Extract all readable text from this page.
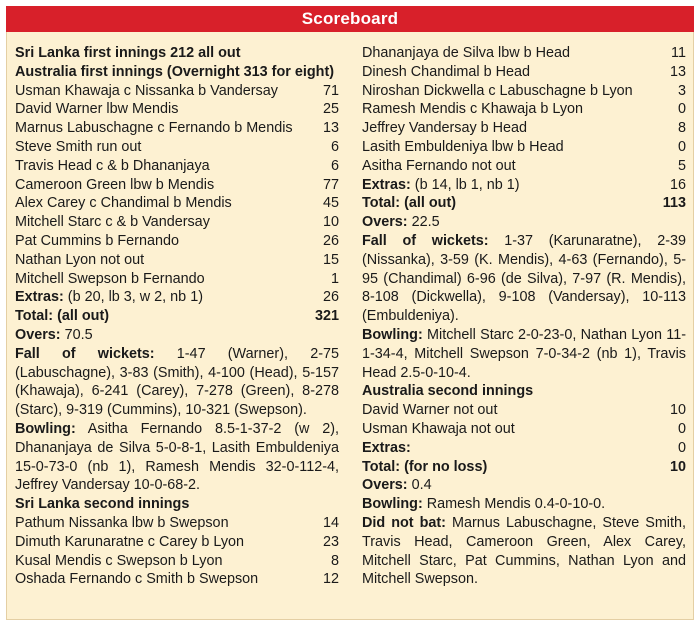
Scoreboard
Sri Lanka first innings 212 all out
Australia first innings (Overnight 313 for eight)
Usman Khawaja c Nissanka b Vandersay	71
David Warner lbw Mendis	25
Marnus Labuschagne c Fernando b Mendis	13
Steve Smith run out	6
Travis Head c & b Dhananjaya	6
Cameroon Green lbw b Mendis	77
Alex Carey c Chandimal b Mendis	45
Mitchell Starc c & b Vandersay	10
Pat Cummins b Fernando	26
Nathan Lyon not out	15
Mitchell Swepson b Fernando	1
Extras: (b 20, lb 3, w 2, nb 1)	26
Total: (all out)	321
Overs: 70.5
Fall of wickets: 1-47 (Warner), 2-75 (Labuschagne), 3-83 (Smith), 4-100 (Head), 5-157 (Khawaja), 6-241 (Carey), 7-278 (Green), 8-278 (Starc), 9-319 (Cummins), 10-321 (Swepson).
Bowling: Asitha Fernando 8.5-1-37-2 (w 2), Dhananjaya de Silva 5-0-8-1, Lasith Embuldeniya 15-0-73-0 (nb 1), Ramesh Mendis 32-0-112-4, Jeffrey Vandersay 10-0-68-2.
Sri Lanka second innings
Pathum Nissanka lbw b Swepson	14
Dimuth Karunaratne c Carey b Lyon	23
Kusal Mendis c Swepson b Lyon	8
Oshada Fernando c Smith b Swepson	12
Dhananjaya de Silva lbw b Head	11
Dinesh Chandimal b Head	13
Niroshan Dickwella c Labuschagne b Lyon	3
Ramesh Mendis c Khawaja b Lyon	0
Jeffrey Vandersay b Head	8
Lasith Embuldeniya lbw b Head	0
Asitha Fernando not out	5
Extras: (b 14, lb 1, nb 1)	16
Total: (all out)	113
Overs: 22.5
Fall of wickets: 1-37 (Karunaratne), 2-39 (Nissanka), 3-59 (K. Mendis), 4-63 (Fernando), 5-95 (Chandimal) 6-96 (de Silva), 7-97 (R. Mendis), 8-108 (Dickwella), 9-108 (Vandersay), 10-113 (Embuldeniya).
Bowling: Mitchell Starc 2-0-23-0, Nathan Lyon 11-1-34-4, Mitchell Swepson 7-0-34-2 (nb 1), Travis Head 2.5-0-10-4.
Australia second innings
David Warner not out	10
Usman Khawaja not out	0
Extras:	0
Total: (for no loss)	10
Overs: 0.4
Bowling: Ramesh Mendis 0.4-0-10-0.
Did not bat: Marnus Labuschagne, Steve Smith, Travis Head, Cameroon Green, Alex Carey, Mitchell Starc, Pat Cummins, Nathan Lyon and Mitchell Swepson.
